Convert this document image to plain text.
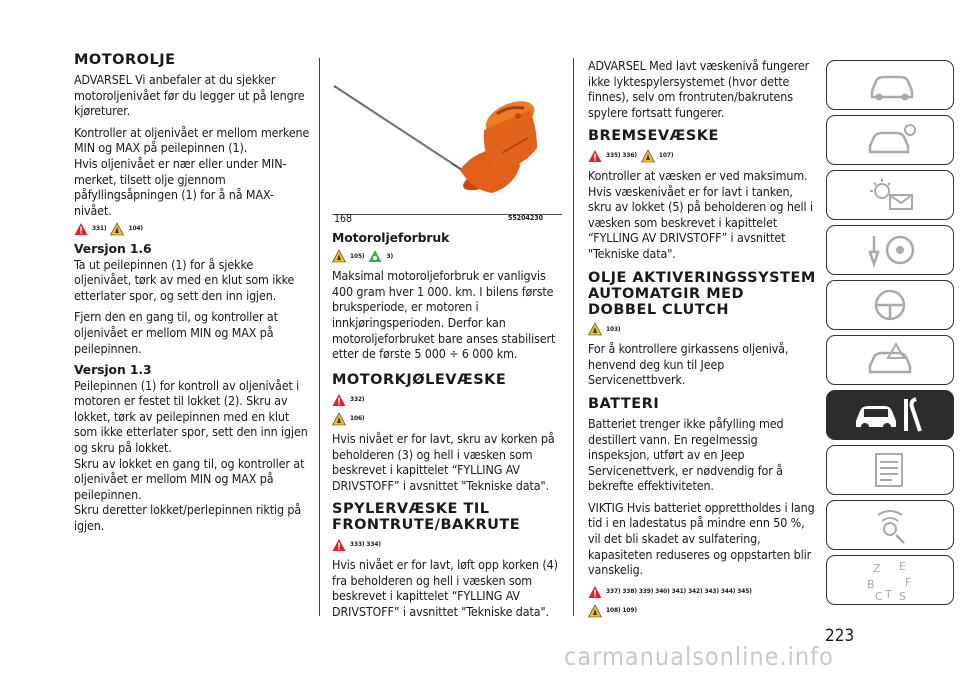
MOTOROLJE

ADVARSEL Vi anbefaler at du sjekker motoroljenivået før du legger ut på lengre kjøreturer.

Kontroller at oljenivået er mellom merkene MIN og MAX på peilepinnen (1).

Hvis oljenivået er nær eller under MIN-merket, tilsett olje gjennom påfyllingsåpningen (1) for å nå MAX-nivået.

331)	104)
Versjon 1.6

Ta ut peilepinnen (1) for å sjekke oljenivået, tørk av med en klut som ikke etterlater spor, og sett den inn igjen.

Fjern den en gang til, og kontroller at oljenivået er mellom MIN og MAX på peilepinnen.

Versjon 1.3

Peilepinnen (1) for kontroll av oljenivået i motoren er festet til lokket (2). Skru av lokket, tørk av peilepinnen med en klut som ikke etterlater spor, sett den inn igjen og skru på lokket.

Skru av lokket en gang til, og kontroller at oljenivået er mellom MIN og MAX på peilepinnen.

Skru deretter lokket/perlepinnen riktig på igjen.

168	55204230
Motoroljeforbruk
105)	3)

Maksimal motoroljeforbruk er vanligvis 400 gram hver 1 000. km. I bilens første bruksperiode, er motoren i innkjøringsperioden. Derfor kan motoroljeforbruket bare anses stabilisert etter de første 5 000 ÷ 6 000 km.

MOTORKJØLEVÆSKE
332)
106)

Hvis nivået er for lavt, skru av korken på beholderen (3) og hell i væsken som beskrevet i kapittelet “FYLLING AV DRIVSTOFF” i avsnittet "Tekniske data".

SPYLERVÆSKE TIL FRONTRUTE/BAKRUTE
333) 334)

Hvis nivået er for lavt, løft opp korken (4) fra beholderen og hell i væsken som beskrevet i kapittelet “FYLLING AV DRIVSTOFF” i avsnittet "Tekniske data".

ADVARSEL Med lavt væskenivå fungerer ikke lyktespylersystemet (hvor dette finnes), selv om frontruten/bakrutens spylere fortsatt fungerer.

BREMSEVÆSKE
335) 336)	107)

Kontroller at væsken er ved maksimum. Hvis væskenivået er for lavt i tanken, skru av lokket (5) på beholderen og hell i væsken som beskrevet i kapittelet “FYLLING AV DRIVSTOFF” i avsnittet "Tekniske data".

OLJE AKTIVERINGSSYSTEM AUTOMATGIR MED DOBBEL CLUTCH
103)

For å kontrollere girkassens oljenivå, henvend deg kun til Jeep Servicenettbverk.

BATTERI

Batteriet trenger ikke påfylling med destillert vann. En regelmessig inspeksjon, utført av en Jeep Servicenettverk, er nødvendig for å bekrefte effektiviteten.

VIKTIG Hvis batteriet opprettholdes i lang tid i en ladestatus på mindre enn 50 %, vil det bli skadet av sulfatering, kapasiteten reduseres og oppstarten blir vanskelig.

337) 338) 339) 340) 341) 342) 343) 344) 345)
108) 109)
Z E
B	F
C T S
223
carmanualsonline.info
